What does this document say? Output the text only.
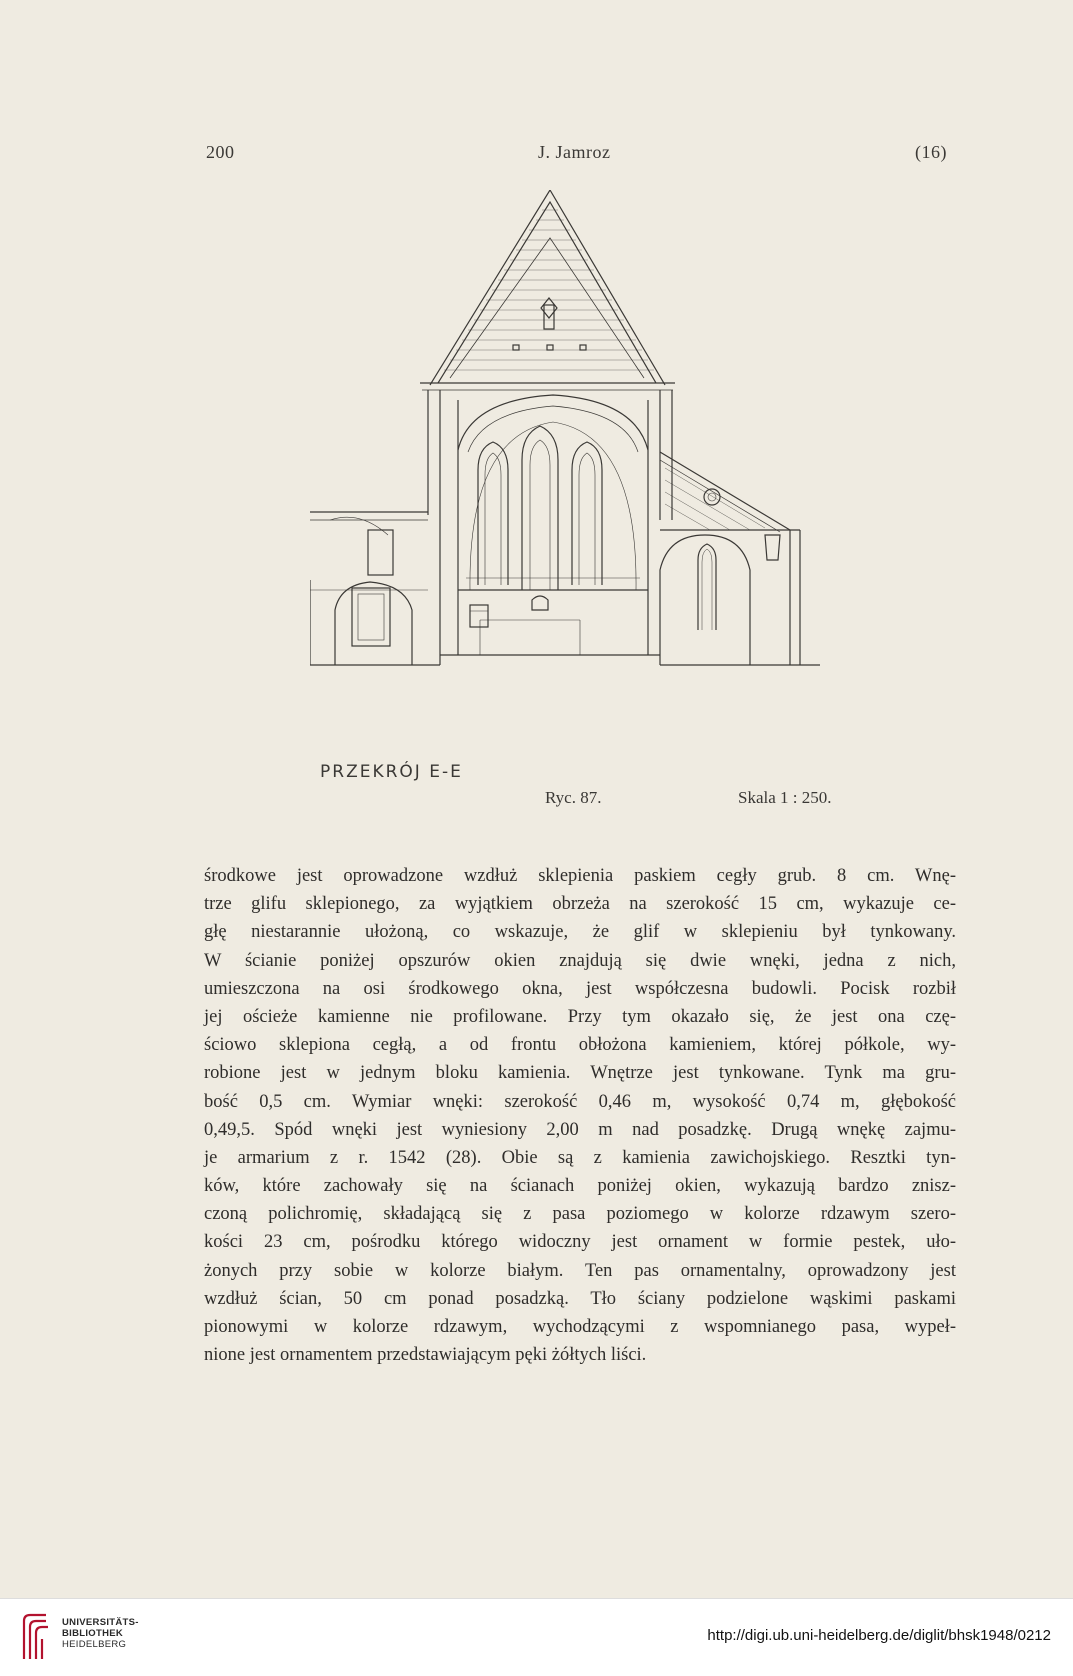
200	J. Jamroz	(16)
PRZEKRÓJ E-E
Ryc. 87.	Skala 1 : 250.
środkowe jest oprowadzone wzdłuż sklepienia paskiem cegły grub. 8 cm. Wnę-
trze glifu sklepionego, za wyjątkiem obrzeża na szerokość 15 cm, wykazuje ce-
głę niestarannie ułożoną, co wskazuje, że glif w sklepieniu był tynkowany.
W ścianie poniżej opszurów okien znajdują się dwie wnęki, jedna z nich,
umieszczona na osi środkowego okna, jest współczesna budowli. Pocisk rozbił
jej ościeże kamienne nie profilowane. Przy tym okazało się, że jest ona czę-
ściowo sklepiona cegłą, a od frontu obłożona kamieniem, której półkole, wy-
robione jest w jednym bloku kamienia. Wnętrze jest tynkowane. Tynk ma gru-
bość 0,5 cm. Wymiar wnęki: szerokość 0,46 m, wysokość 0,74 m, głębokość
0,49,5. Spód wnęki jest wyniesiony 2,00 m nad posadzkę. Drugą wnękę zajmu-
je armarium z r. 1542 (28). Obie są z kamienia zawichojskiego. Resztki tyn-
ków, które zachowały się na ścianach poniżej okien, wykazują bardzo znisz-
czoną polichromię, składającą się z pasa poziomego w kolorze rdzawym szero-
kości 23 cm, pośrodku którego widoczny jest ornament w formie pestek, uło-
żonych przy sobie w kolorze białym. Ten pas ornamentalny, oprowadzony jest
wzdłuż ścian, 50 cm ponad posadzką. Tło ściany podzielone wąskimi paskami
pionowymi w kolorze rdzawym, wychodzącymi z wspomnianego pasa, wypeł-
nione jest ornamentem przedstawiającym pęki żółtych liści.
UNIVERSITÄTS-
BIBLIOTHEK
HEIDELBERG
http://digi.ub.uni-heidelberg.de/diglit/bhsk1948/0212
